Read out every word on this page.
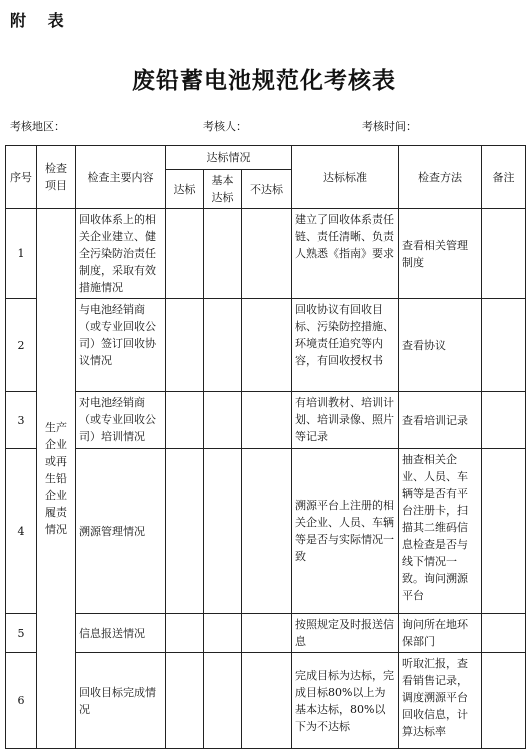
附 表
废铅蓄电池规范化考核表
考核地区：	考核人：	考核时间：
序号	检查项目	检查主要内容	达标情况			达标标准	检查方法	备注
			达标	基本达标	不达标			
1	生产企业或再生铅企业履责情况	回收体系上的相关企业建立、健全污染防治责任制度，采取有效措施情况				建立了回收体系责任链、责任清晰、负责人熟悉《指南》要求	查看相关管理制度	
2		与电池经销商（或专业回收公司）签订回收协议情况				回收协议有回收目标、污染防控措施、环境责任追究等内容，有回收授权书	查看协议	
3		对电池经销商（或专业回收公司）培训情况				有培训教材、培训计划、培训录像、照片等记录	查看培训记录	
4		溯源管理情况				溯源平台上注册的相关企业、人员、车辆等是否与实际情况一致	抽查相关企业、人员、车辆等是否有平台注册卡，扫描其二维码信息检查是否与线下情况一致。询问溯源平台	
5		信息报送情况				按照规定及时报送信息	询问所在地环保部门	
6		回收目标完成情况				完成目标为达标，完成目标80%以上为基本达标，80%以下为不达标	听取汇报，查看销售记录，调度溯源平台回收信息，计算达标率	
